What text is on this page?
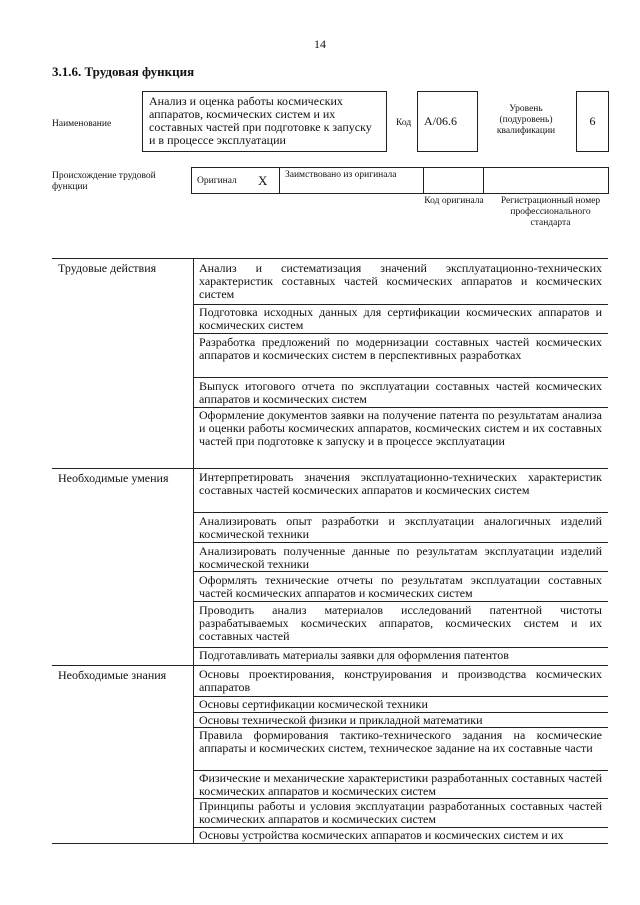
14
3.1.6. Трудовая функция
Наименование
Анализ и оценка работы космических аппаратов, космических систем и их составных частей при подготовке к запуску и в процессе эксплуатации
Код	A/06.6
Уровень (подуровень) квалификации
6
Происхождение трудовой функции
Оригинал X Заимствовано из оригинала
Код оригинала	Регистрационный номер профессионального стандарта
Трудовые действия
Необходимые умения
Необходимые знания
Анализ и систематизация значений эксплуатационно-технических характеристик составных частей космических аппаратов и космических систем
Подготовка исходных данных для сертификации космических аппаратов и космических систем
Разработка предложений по модернизации составных частей космических аппаратов и космических систем в перспективных разработках
Выпуск итогового отчета по эксплуатации составных частей космических аппаратов и космических систем
Оформление документов заявки на получение патента по результатам анализа и оценки работы космических аппаратов, космических систем и их составных частей при подготовке к запуску и в процессе эксплуатации
Интерпретировать значения эксплуатационно-технических характеристик составных частей космических аппаратов и космических систем
Анализировать опыт разработки и эксплуатации аналогичных изделий космической техники
Анализировать полученные данные по результатам эксплуатации изделий космической техники
Оформлять технические отчеты по результатам эксплуатации составных частей космических аппаратов и космических систем
Проводить анализ материалов исследований патентной чистоты разрабатываемых космических аппаратов, космических систем и их составных частей
Подготавливать материалы заявки для оформления патентов
Основы проектирования, конструирования и производства космических аппаратов
Основы сертификации космической техники
Основы технической физики и прикладной математики
Правила формирования тактико-технического задания на космические аппараты и космических систем, техническое задание на их составные части
Физические и механические характеристики разработанных составных частей космических аппаратов и космических систем
Принципы работы и условия эксплуатации разработанных составных частей космических аппаратов и космических систем
Основы устройства космических аппаратов и космических систем и их
